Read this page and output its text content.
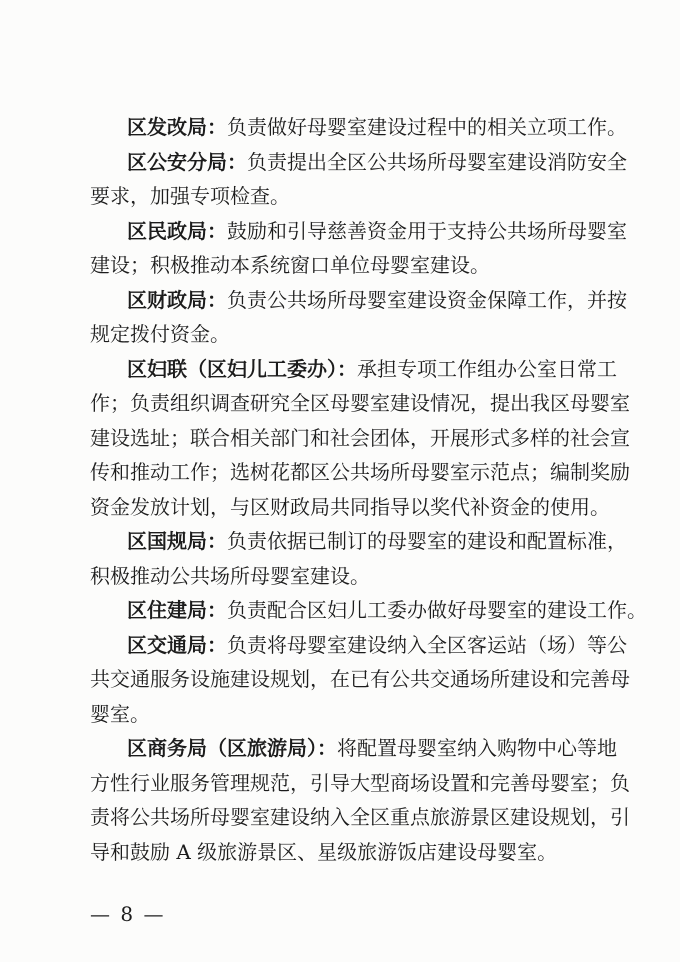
区发改局：负责做好母婴室建设过程中的相关立项工作。
区公安分局：负责提出全区公共场所母婴室建设消防安全
要求，加强专项检查。
区民政局：鼓励和引导慈善资金用于支持公共场所母婴室
建设；积极推动本系统窗口单位母婴室建设。
区财政局：负责公共场所母婴室建设资金保障工作，并按
规定拨付资金。
区妇联（区妇儿工委办）：承担专项工作组办公室日常工
作；负责组织调查研究全区母婴室建设情况，提出我区母婴室
建设选址；联合相关部门和社会团体，开展形式多样的社会宣
传和推动工作；选树花都区公共场所母婴室示范点；编制奖励
资金发放计划，与区财政局共同指导以奖代补资金的使用。
区国规局：负责依据已制订的母婴室的建设和配置标准，
积极推动公共场所母婴室建设。
区住建局：负责配合区妇儿工委办做好母婴室的建设工作。
区交通局：负责将母婴室建设纳入全区客运站（场）等公
共交通服务设施建设规划，在已有公共交通场所建设和完善母
婴室。
区商务局（区旅游局）：将配置母婴室纳入购物中心等地
方性行业服务管理规范，引导大型商场设置和完善母婴室；负
责将公共场所母婴室建设纳入全区重点旅游景区建设规划，引
导和鼓励 A 级旅游景区、星级旅游饭店建设母婴室。
— 8 —
